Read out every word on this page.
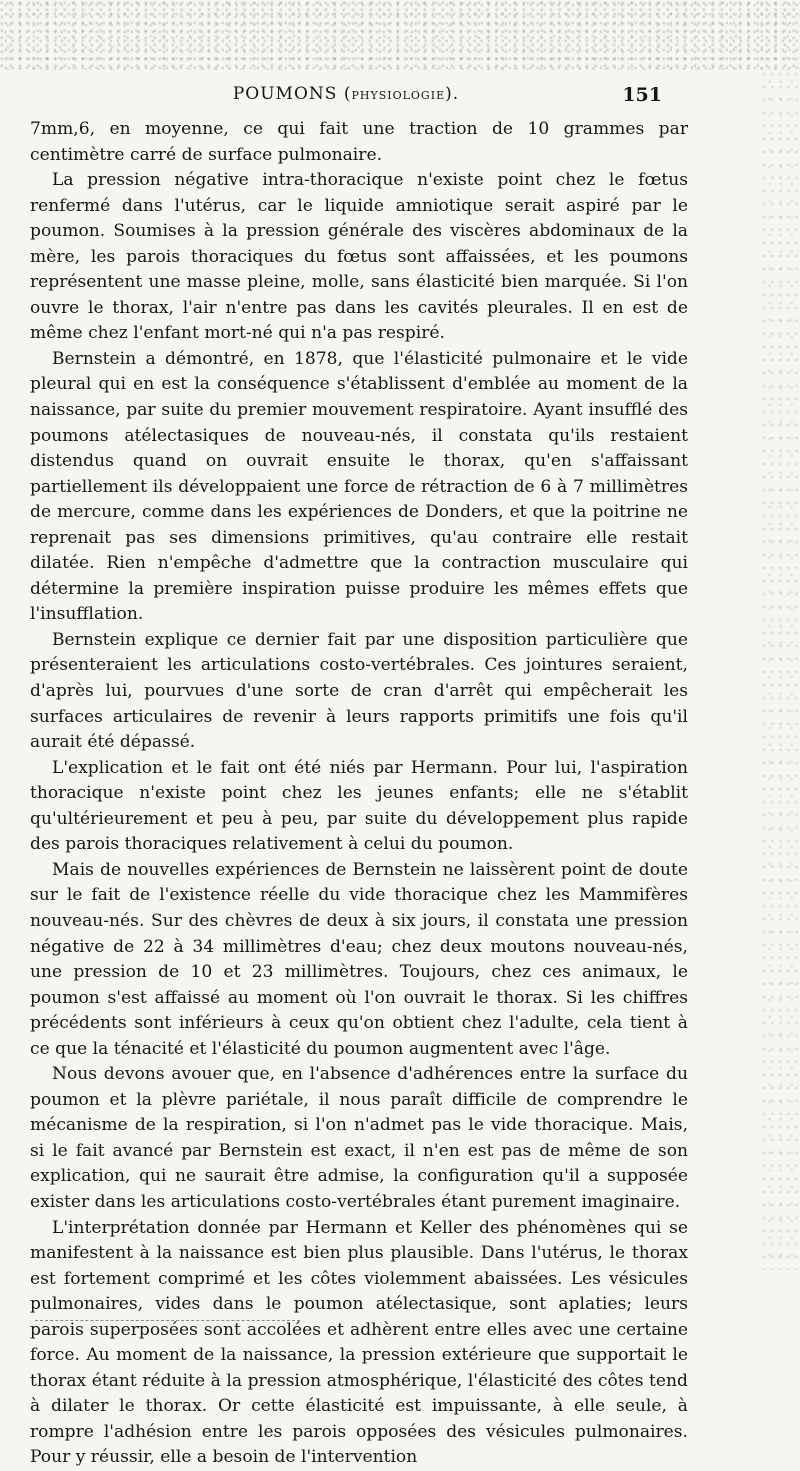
POUMONS (PHYSIOLOGIE).	151

7mm,6, en moyenne, ce qui fait une traction de 10 grammes par centimètre carré de surface pulmonaire.

La pression négative intra-thoracique n'existe point chez le fœtus renfermé dans l'utérus, car le liquide amniotique serait aspiré par le poumon. Soumises à la pression générale des viscères abdominaux de la mère, les parois thoraciques du fœtus sont affaissées, et les poumons représentent une masse pleine, molle, sans élasticité bien marquée. Si l'on ouvre le thorax, l'air n'entre pas dans les cavités pleurales. Il en est de même chez l'enfant mort-né qui n'a pas respiré.

Bernstein a démontré, en 1878, que l'élasticité pulmonaire et le vide pleural qui en est la conséquence s'établissent d'emblée au moment de la naissance, par suite du premier mouvement respiratoire. Ayant insufflé des poumons atélectasiques de nouveau-nés, il constata qu'ils restaient distendus quand on ouvrait ensuite le thorax, qu'en s'affaissant partiellement ils développaient une force de rétraction de 6 à 7 millimètres de mercure, comme dans les expériences de Donders, et que la poitrine ne reprenait pas ses dimensions primitives, qu'au contraire elle restait dilatée. Rien n'empêche d'admettre que la contraction musculaire qui détermine la première inspiration puisse produire les mêmes effets que l'insufflation.

Bernstein explique ce dernier fait par une disposition particulière que présenteraient les articulations costo-vertébrales. Ces jointures seraient, d'après lui, pourvues d'une sorte de cran d'arrêt qui empêcherait les surfaces articulaires de revenir à leurs rapports primitifs une fois qu'il aurait été dépassé.

L'explication et le fait ont été niés par Hermann. Pour lui, l'aspiration thoracique n'existe point chez les jeunes enfants; elle ne s'établit qu'ultérieurement et peu à peu, par suite du développement plus rapide des parois thoraciques relativement à celui du poumon.

Mais de nouvelles expériences de Bernstein ne laissèrent point de doute sur le fait de l'existence réelle du vide thoracique chez les Mammifères nouveau-nés. Sur des chèvres de deux à six jours, il constata une pression négative de 22 à 34 millimètres d'eau; chez deux moutons nouveau-nés, une pression de 10 et 23 millimètres. Toujours, chez ces animaux, le poumon s'est affaissé au moment où l'on ouvrait le thorax. Si les chiffres précédents sont inférieurs à ceux qu'on obtient chez l'adulte, cela tient à ce que la ténacité et l'élasticité du poumon augmentent avec l'âge.

Nous devons avouer que, en l'absence d'adhérences entre la surface du poumon et la plèvre pariétale, il nous paraît difficile de comprendre le mécanisme de la respiration, si l'on n'admet pas le vide thoracique. Mais, si le fait avancé par Bernstein est exact, il n'en est pas de même de son explication, qui ne saurait être admise, la configuration qu'il a supposée exister dans les articulations costo-vertébrales étant purement imaginaire.

L'interprétation donnée par Hermann et Keller des phénomènes qui se manifestent à la naissance est bien plus plausible. Dans l'utérus, le thorax est fortement comprimé et les côtes violemment abaissées. Les vésicules pulmonaires, vides dans le poumon atélectasique, sont aplaties; leurs parois superposées sont accolées et adhèrent entre elles avec une certaine force. Au moment de la naissance, la pression extérieure que supportait le thorax étant réduite à la pression atmosphérique, l'élasticité des côtes tend à dilater le thorax. Or cette élasticité est impuissante, à elle seule, à rompre l'adhésion entre les parois opposées des vésicules pulmonaires. Pour y réussir, elle a besoin de l'intervention
